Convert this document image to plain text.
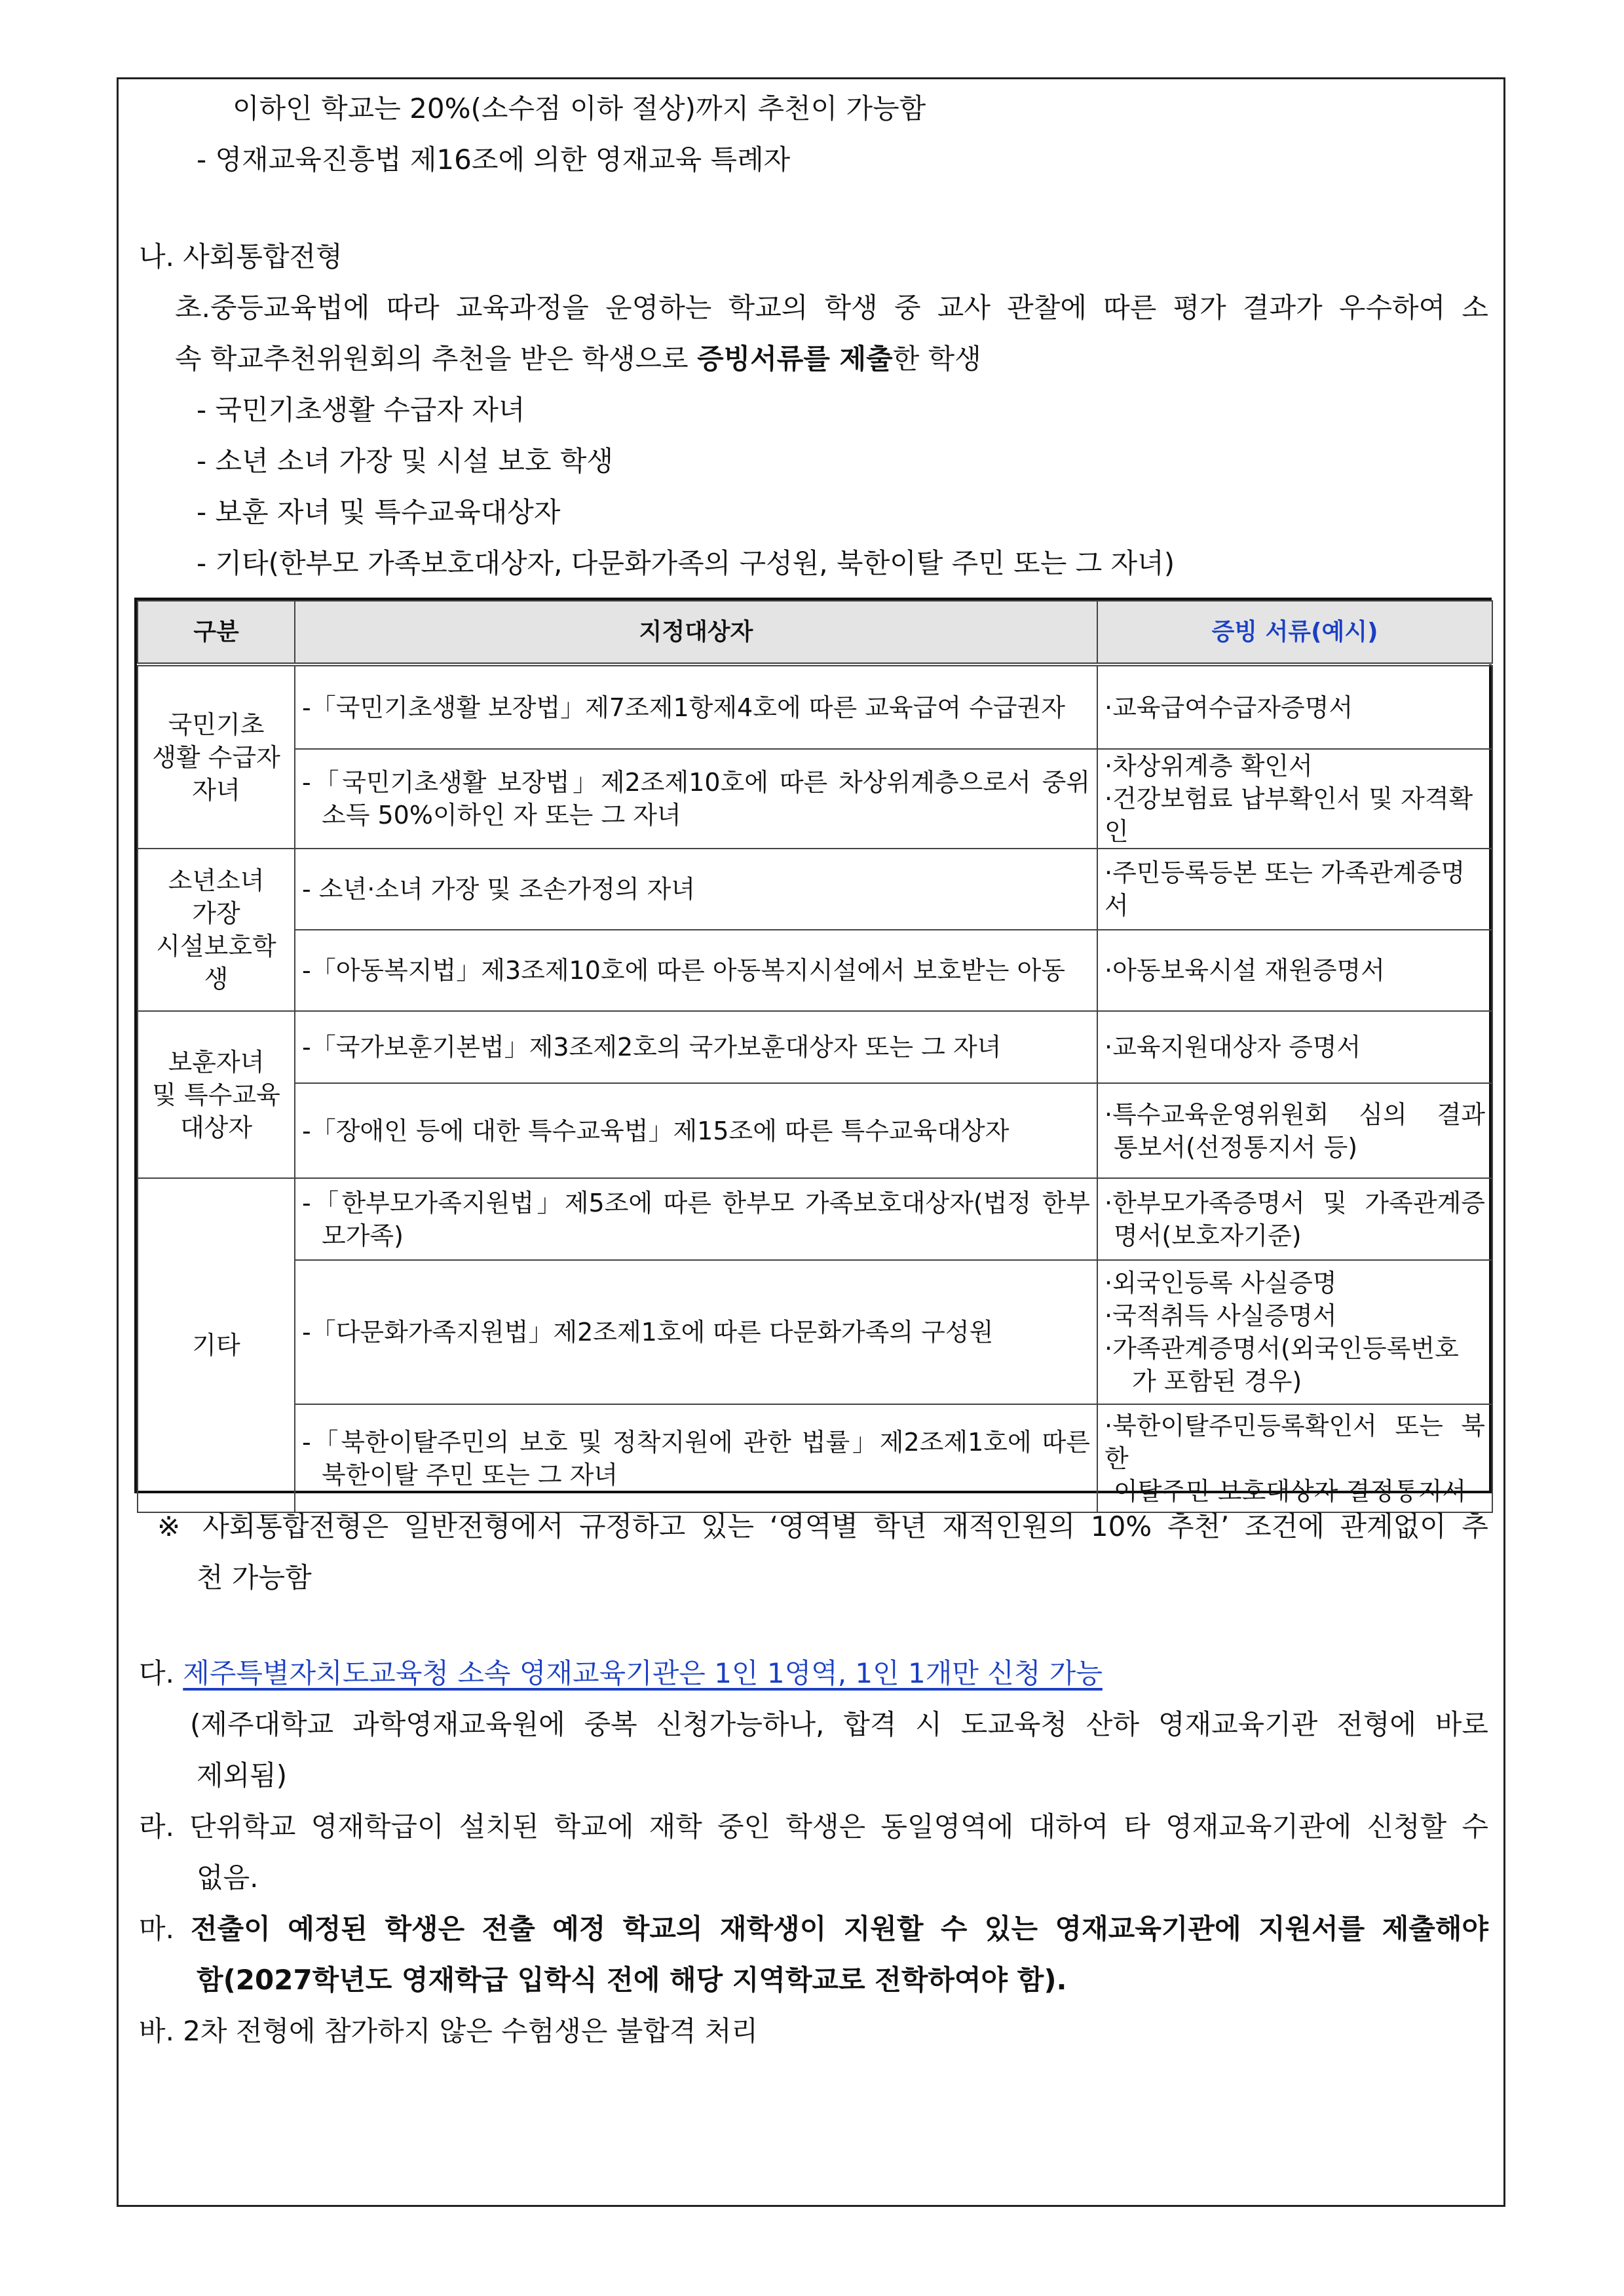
이하인 학교는 20%(소수점 이하 절상)까지 추천이 가능함
- 영재교육진흥법 제16조에 의한 영재교육 특례자
나. 사회통합전형
초.중등교육법에 따라 교육과정을 운영하는 학교의 학생 중 교사 관찰에 따른 평가 결과가 우수하여 소
속 학교추천위원회의 추천을 받은 학생으로 증빙서류를 제출한 학생
- 국민기초생활 수급자 자녀
- 소년 소녀 가장 및 시설 보호 학생
- 보훈 자녀 및 특수교육대상자
- 기타(한부모 가족보호대상자, 다문화가족의 구성원, 북한이탈 주민 또는 그 자녀)
구분	지정대상자	증빙 서류(예시)

국민기초
생활 수급자
자녀	-「국민기초생활 보장법」제7조제1항제4호에 따른 교육급여 수급권자	·교육급여수급자증명서

	-「국민기초생활 보장법」제2조제10호에 따른 차상위계층으로서 중위 소득 50%이하인 자 또는 그 자녀	·차상위계층 확인서
·건강보험료 납부확인서 및 자격확인

소년소녀
가장
시설보호학생	- 소년·소녀 가장 및 조손가정의 자녀	·주민등록등본 또는 가족관계증명서

	-「아동복지법」제3조제10호에 따른 아동복지시설에서 보호받는 아동	·아동보육시설 재원증명서

보훈자녀
및 특수교육
대상자	-「국가보훈기본법」제3조제2호의 국가보훈대상자 또는 그 자녀	·교육지원대상자 증명서

	-「장애인 등에 대한 특수교육법」제15조에 따른 특수교육대상자	·특수교육운영위원회 심의 결과
통보서(선정통지서 등)

기타	-「한부모가족지원법」제5조에 따른 한부모 가족보호대상자(법정 한부모가족)	·한부모가족증명서 및 가족관계증
명서(보호자기준)

	-「다문화가족지원법」제2조제1호에 따른 다문화가족의 구성원	·외국인등록 사실증명
·국적취득 사실증명서
·가족관계증명서(외국인등록번호
가 포함된 경우)

	-「북한이탈주민의 보호 및 정착지원에 관한 법률」제2조제1호에 따른 북한이탈 주민 또는 그 자녀	·북한이탈주민등록확인서 또는 북한
이탈주민 보호대상자 결정통지서
※ 사회통합전형은 일반전형에서 규정하고 있는 ‘영역별 학년 재적인원의 10% 추천’ 조건에 관계없이 추
천 가능함
다. 제주특별자치도교육청 소속 영재교육기관은 1인 1영역, 1인 1개만 신청 가능
(제주대학교 과학영재교육원에 중복 신청가능하나, 합격 시 도교육청 산하 영재교육기관 전형에 바로
제외됨)
라. 단위학교 영재학급이 설치된 학교에 재학 중인 학생은 동일영역에 대하여 타 영재교육기관에 신청할 수
없음.
마. 전출이 예정된 학생은 전출 예정 학교의 재학생이 지원할 수 있는 영재교육기관에 지원서를 제출해야
함(2027학년도 영재학급 입학식 전에 해당 지역학교로 전학하여야 함).
바. 2차 전형에 참가하지 않은 수험생은 불합격 처리
